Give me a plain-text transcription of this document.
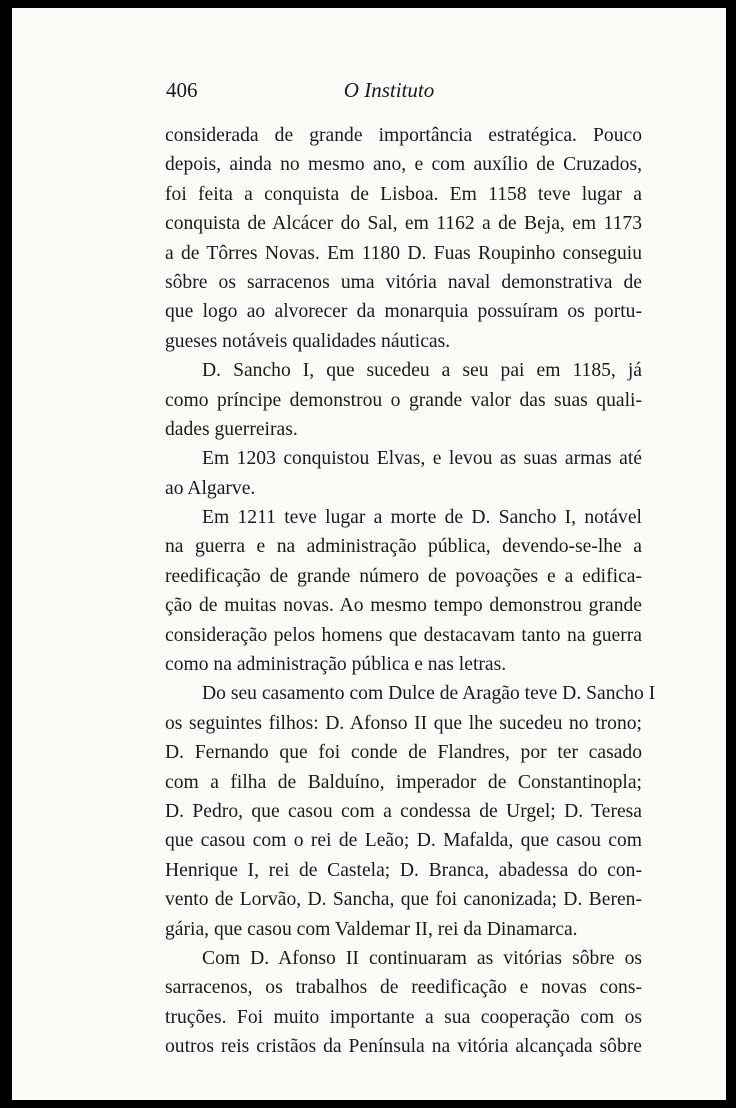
406	O Instituto
considerada de grande importância estratégica. Pouco
depois, ainda no mesmo ano, e com auxílio de Cruzados,
foi feita a conquista de Lisboa. Em 1158 teve lugar a
conquista de Alcácer do Sal, em 1162 a de Beja, em 1173
a de Tôrres Novas. Em 1180 D. Fuas Roupinho conseguiu
sôbre os sarracenos uma vitória naval demonstrativa de
que logo ao alvorecer da monarquia possuíram os portu-
gueses notáveis qualidades náuticas.
D. Sancho I, que sucedeu a seu pai em 1185, já
como príncipe demonstrou o grande valor das suas quali-
dades guerreiras.
Em 1203 conquistou Elvas, e levou as suas armas até
ao Algarve.
Em 1211 teve lugar a morte de D. Sancho I, notável
na guerra e na administração pública, devendo-se-lhe a
reedificação de grande número de povoações e a edifica-
ção de muitas novas. Ao mesmo tempo demonstrou grande
consideração pelos homens que destacavam tanto na guerra
como na administração pública e nas letras.
Do seu casamento com Dulce de Aragão teve D. Sancho I
os seguintes filhos: D. Afonso II que lhe sucedeu no trono;
D. Fernando que foi conde de Flandres, por ter casado
com a filha de Balduíno, imperador de Constantinopla;
D. Pedro, que casou com a condessa de Urgel; D. Teresa
que casou com o rei de Leão; D. Mafalda, que casou com
Henrique I, rei de Castela; D. Branca, abadessa do con-
vento de Lorvão, D. Sancha, que foi canonizada; D. Beren-
gária, que casou com Valdemar II, rei da Dinamarca.
Com D. Afonso II continuaram as vitórias sôbre os
sarracenos, os trabalhos de reedificação e novas cons-
truções. Foi muito importante a sua cooperação com os
outros reis cristãos da Península na vitória alcançada sôbre
